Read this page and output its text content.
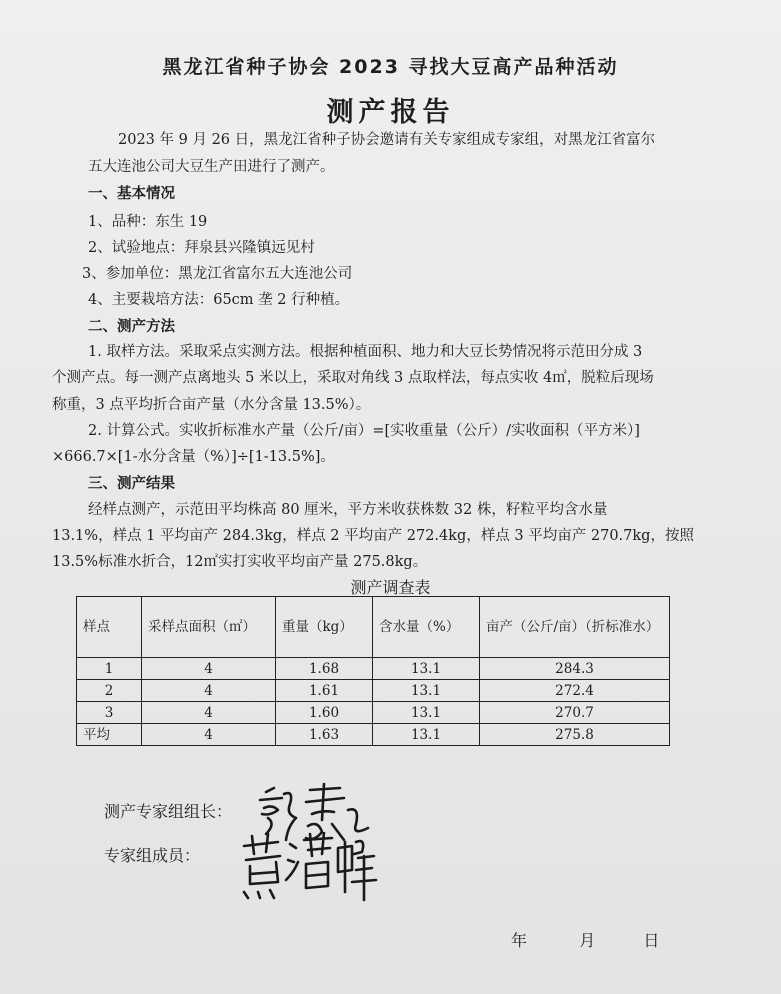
黑龙江省种子协会 2023 寻找大豆高产品种活动
测产报告
2023 年 9 月 26 日，黑龙江省种子协会邀请有关专家组成专家组，对黑龙江省富尔
五大连池公司大豆生产田进行了测产。
一、基本情况
1、品种：东生 19
2、试验地点：拜泉县兴隆镇远见村
3、参加单位：黑龙江省富尔五大连池公司
4、主要栽培方法：65cm 垄 2 行种植。
二、测产方法
1. 取样方法。采取采点实测方法。根据种植面积、地力和大豆长势情况将示范田分成 3
个测产点。每一测产点离地头 5 米以上，采取对角线 3 点取样法，每点实收 4㎡，脱粒后现场
称重，3 点平均折合亩产量（水分含量 13.5%）。
2. 计算公式。实收折标准水产量（公斤/亩）=[实收重量（公斤）/实收面积（平方米）]
×666.7×[1-水分含量（%）]÷[1-13.5%]。
三、测产结果
经样点测产，示范田平均株高 80 厘米，平方米收获株数 32 株，籽粒平均含水量
13.1%，样点 1 平均亩产 284.3kg，样点 2 平均亩产 272.4kg，样点 3 平均亩产 270.7kg，按照
13.5%标准水折合，12㎡实打实收平均亩产量 275.8kg。
测产调查表
样点	采样点面积（㎡）	重量（kg）	含水量（%）	亩产（公斤/亩）（折标准水）
1	4	1.68	13.1	284.3
2	4	1.61	13.1	272.4
3	4	1.60	13.1	270.7
平均	4	1.63	13.1	275.8
测产专家组组长：
专家组成员：
年	月	日
